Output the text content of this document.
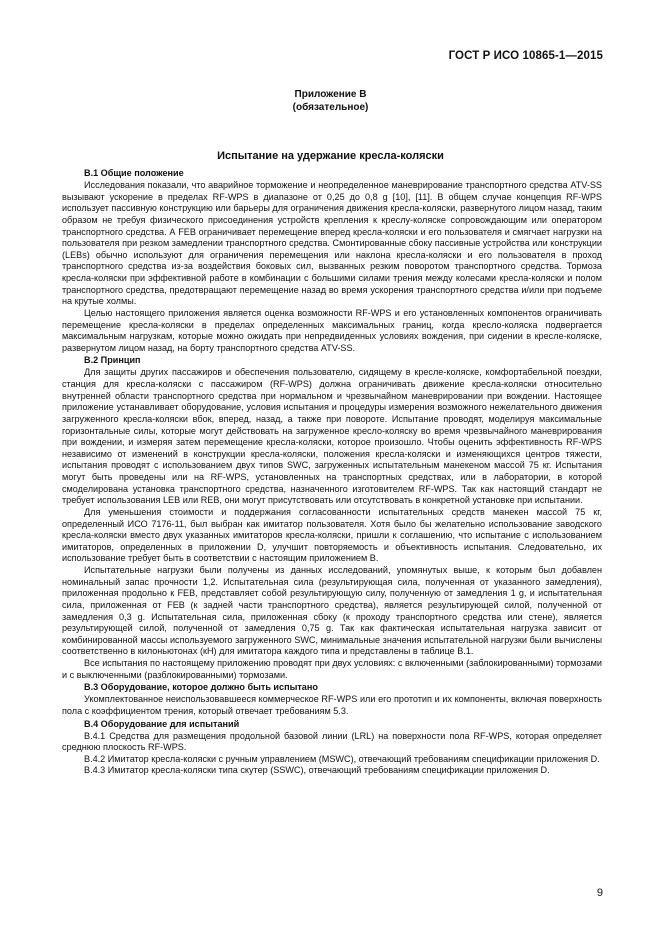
ГОСТ Р ИСО 10865-1—2015
Приложение В
(обязательное)
Испытание на удержание кресла-коляски
В.1 Общие положение

Исследования показали, что аварийное торможение и неопределенное маневрирование транспортного средства ATV-SS вызывают ускорение в пределах RF-WPS в диапазоне от 0,25 до 0,8 g [10], [11]. В общем случае концепция RF-WPS использует пассивную конструкцию или барьеры для ограничения движения кресла-коляски, развернутого лицом назад, таким образом не требуя физического присоединения устройств крепления к креслу-коляске сопровождающим или оператором транспортного средства. А FEB ограничивает перемещение вперед кресла-коляски и его пользователя и смягчает нагрузки на пользователя при резком замедлении транспортного средства. Смонтированные сбоку пассивные устройства или конструкции (LEBs) обычно используют для ограничения перемещения или наклона кресла-коляски и его пользователя в проход транспортного средства из-за воздействия боковых сил, вызванных резким поворотом транспортного средства. Тормоза кресла-коляски при эффективной работе в комбинации с большими силами трения между колесами кресла-коляски и полом транспортного средства, предотвращают перемещение назад во время ускорения транспортного средства и/или при подъеме на крутые холмы.

Целью настоящего приложения является оценка возможности RF-WPS и его установленных компонентов ограничивать перемещение кресла-коляски в пределах определенных максимальных границ, когда кресло-коляска подвергается максимальным нагрузкам, которые можно ожидать при непредвиденных условиях вождения, при сидении в кресле-коляске, развернутом лицом назад, на борту транспортного средства ATV-SS.

В.2 Принцип

Для защиты других пассажиров и обеспечения пользователю, сидящему в кресле-коляске, комфортабельной поездки, станция для кресла-коляски с пассажиром (RF-WPS) должна ограничивать движение кресла-коляски относительно внутренней области транспортного средства при нормальном и чрезвычайном маневрировании при вождении. Настоящее приложение устанавливает оборудование, условия испытания и процедуры измерения возможного нежелательного движения загруженного кресла-коляски вбок, вперед, назад, а также при повороте. Испытание проводят, моделируя максимальные горизонтальные силы, которые могут действовать на загруженное кресло-коляску во время чрезвычайного маневрирования при вождении, и измеряя затем перемещение кресла-коляски, которое произошло. Чтобы оценить эффективность RF-WPS независимо от изменений в конструкции кресла-коляски, положения кресла-коляски и изменяющихся центров тяжести, испытания проводят с использованием двух типов SWC, загруженных испытательным манекеном массой 75 кг. Испытания могут быть проведены или на RF-WPS, установленных на транспортных средствах, или в лаборатории, в которой смоделирована установка транспортного средства, назначенного изготовителем RF-WPS. Так как настоящий стандарт не требует использования LEB или REB, они могут присутствовать или отсутствовать в конкретной установке при испытании.

Для уменьшения стоимости и поддержания согласованности испытательных средств манекен массой 75 кг, определенный ИСО 7176-11, был выбран как имитатор пользователя. Хотя было бы желательно использование заводского кресла-коляски вместо двух указанных имитаторов кресла-коляски, пришли к соглашению, что испытание с использованием имитаторов, определенных в приложении D, улучшит повторяемость и объективность испытания. Следовательно, их использование требует быть в соответствии с настоящим приложением В.

Испытательные нагрузки были получены из данных исследований, упомянутых выше, к которым был добавлен номинальный запас прочности 1,2. Испытательная сила (результирующая сила, полученная от указанного замедления), приложенная продольно к FEB, представляет собой результирующую силу, полученную от замедления 1 g, и испытательная сила, приложенная от FEB (к задней части транспортного средства), является результирующей силой, полученной от замедления 0,3 g. Испытательная сила, приложенная сбоку (к проходу транспортного средства или стене), является результирующей силой, полученной от замедления 0,75 g. Так как фактическая испытательная нагрузка зависит от комбинированной массы используемого загруженного SWC, минимальные значения испытательной нагрузки были вычислены соответственно в килоньютонах (кН) для имитатора каждого типа и представлены в таблице В.1.

Все испытания по настоящему приложению проводят при двух условиях: с включенными (заблокированными) тормозами и с выключенными (разблокированными) тормозами.

В.3 Оборудование, которое должно быть испытано

Укомплектованное неиспользовавшееся коммерческое RF-WPS или его прототип и их компоненты, включая поверхность пола с коэффициентом трения, который отвечает требованиям 5.3.

В.4 Оборудование для испытаний

В.4.1 Средства для размещения продольной базовой линии (LRL) на поверхности пола RF-WPS, которая определяет среднюю плоскость RF-WPS.

В.4.2 Имитатор кресла-коляски с ручным управлением (MSWC), отвечающий требованиям спецификации приложения D.

В.4.3 Имитатор кресла-коляски типа скутер (SSWC), отвечающий требованиям спецификации приложения D.

9
